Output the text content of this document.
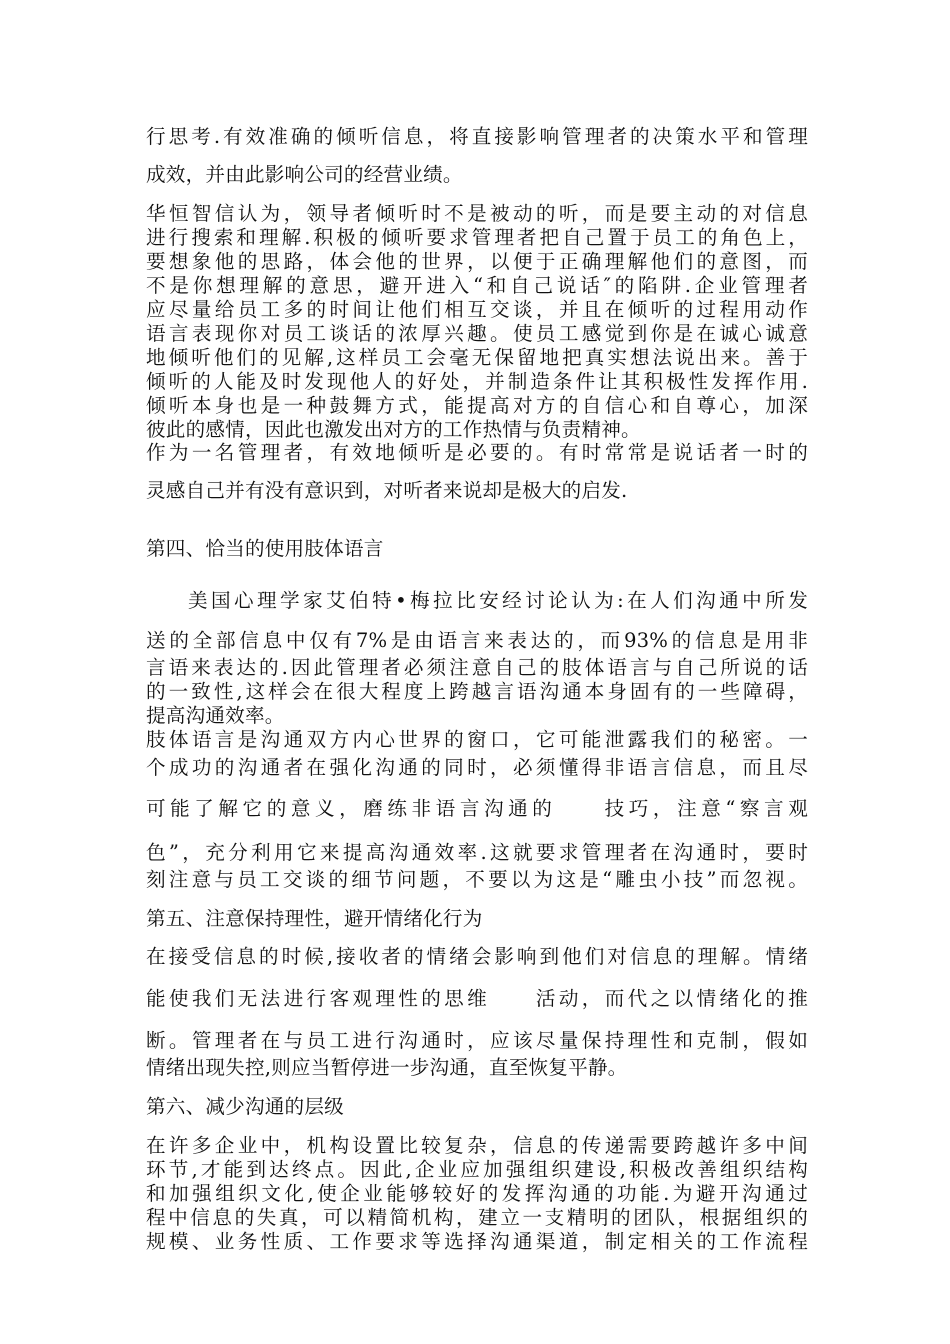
行思考.有效准确的倾听信息，将直接影响管理者的决策水平和管理
成效，并由此影响公司的经营业绩。
华恒智信认为，领导者倾听时不是被动的听，而是要主动的对信息
进行搜索和理解.积极的倾听要求管理者把自己置于员工的角色上，
要想象他的思路，体会他的世界，以便于正确理解他们的意图，而
不是你想理解的意思，避开进入“和自己说话″的陷阱.企业管理者
应尽量给员工多的时间让他们相互交谈，并且在倾听的过程用动作
语言表现你对员工谈话的浓厚兴趣。使员工感觉到你是在诚心诚意
地倾听他们的见解,这样员工会毫无保留地把真实想法说出来。善于
倾听的人能及时发现他人的好处，并制造条件让其积极性发挥作用.
倾听本身也是一种鼓舞方式，能提高对方的自信心和自尊心，加深
彼此的感情，因此也激发出对方的工作热情与负责精神。
作为一名管理者，有效地倾听是必要的。有时常常是说话者一时的
灵感自己并有没有意识到，对听者来说却是极大的启发.
第四、恰当的使用肢体语言
美国心理学家艾伯特•梅拉比安经讨论认为:在人们沟通中所发
送的全部信息中仅有7%是由语言来表达的，而93%的信息是用非
言语来表达的.因此管理者必须注意自己的肢体语言与自己所说的话
的一致性,这样会在很大程度上跨越言语沟通本身固有的一些障碍，
提高沟通效率。
肢体语言是沟通双方内心世界的窗口，它可能泄露我们的秘密。一
个成功的沟通者在强化沟通的同时，必须懂得非语言信息，而且尽
可能了解它的意义，磨练非语言沟通的　　技巧，注意“察言观
色”，充分利用它来提高沟通效率.这就要求管理者在沟通时，要时
刻注意与员工交谈的细节问题，不要以为这是“雕虫小技”而忽视。
第五、注意保持理性，避开情绪化行为
在接受信息的时候,接收者的情绪会影响到他们对信息的理解。情绪
能使我们无法进行客观理性的思维　　活动，而代之以情绪化的推
断。管理者在与员工进行沟通时，应该尽量保持理性和克制，假如
情绪出现失控,则应当暂停进一步沟通，直至恢复平静。
第六、减少沟通的层级
在许多企业中，机构设置比较复杂，信息的传递需要跨越许多中间
环节,才能到达终点。因此,企业应加强组织建设,积极改善组织结构
和加强组织文化,使企业能够较好的发挥沟通的功能.为避开沟通过
程中信息的失真，可以精简机构，建立一支精明的团队，根据组织的
规模、业务性质、工作要求等选择沟通渠道，制定相关的工作流程
